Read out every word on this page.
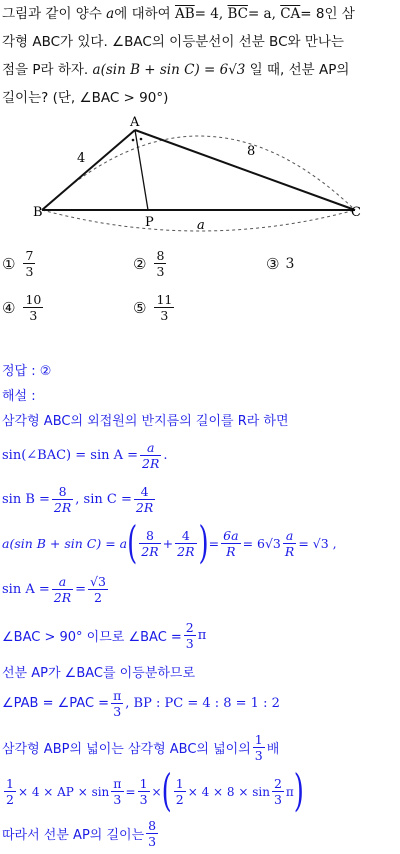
그림과 같이 양수 a에 대하여 $\overline{AB}= 4$, $\overline{BC}= a$, $\overline{CA}= 8$인 삼
각형 ABC가 있다. ∠BAC의 이등분선이 선분 BC와 만나는
점을 P라 하자. a(sin B + sin C) = 6√3 일 때, 선분 AP의
길이는? (단, ∠BAC > 90°)
A
B	C
P
4	8
a
① $\frac{7}{3}$	② $\frac{8}{3}$	③ 3
④ $\frac{10}{3}$	⑤ $\frac{11}{3}$
정답 : ②
해설 :
삼각형 ABC의 외접원의 반지름의 길이를 R라 하면
sin(∠BAC) = $\sin A = \frac{a}{2R}$ .
$\sin B = \frac{8}{2R}$ , $\sin C = \frac{4}{2R}$
a(sin B + sin C) = a ( $\frac{8}{2R} + \frac{4}{2R}$ ) = $\frac{6a}{R} = 6√3 \frac{a}{R} = √3$ ,
$\sin A = \frac{a}{2R} = \frac{√3}{2}$
∠BAC > 90° 이므로 ∠BAC = $\frac{2}{3}$ π
선분 AP가 ∠BAC를 이등분하므로
∠PAB = ∠PAC = $\frac{\pi}{3}$ , BP : PC = 4 : 8 = 1 : 2
삼각형 ABP의 넓이는 삼각형 ABC의 넓이의 $\frac{1}{3}$ 배
$\frac{1}{2} \times 4$ × AP × $\sin \frac{\pi}{3} = \frac{1}{3}$ × ( $\frac{1}{2} \times 4 \times 8 \times \sin \frac{2}{3}$ π )
따라서 선분 AP의 길이는 $\frac{8}{3}$
